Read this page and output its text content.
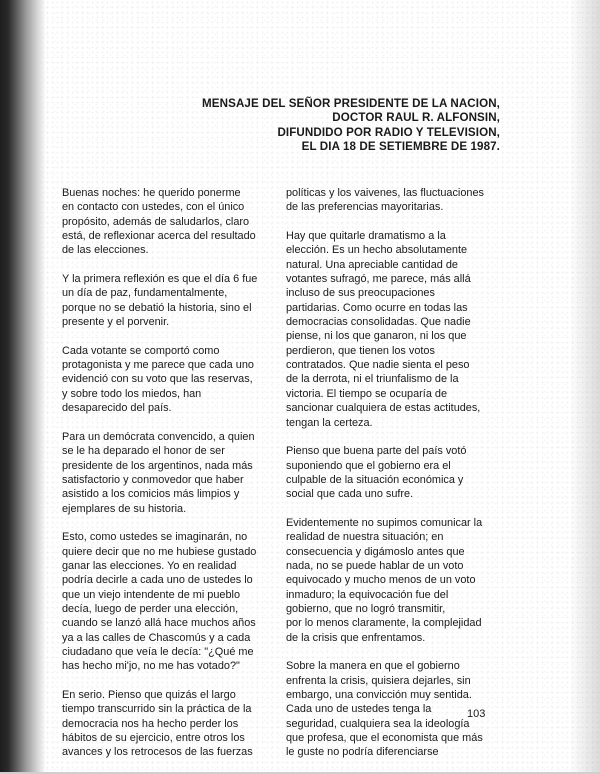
MENSAJE DEL SEÑOR PRESIDENTE DE LA NACION,
DOCTOR RAUL R. ALFONSIN,
DIFUNDIDO POR RADIO Y TELEVISION,
EL DIA 18 DE SETIEMBRE DE 1987.

Buenas noches: he querido ponerme
en contacto con ustedes, con el único
propósito, además de saludarlos, claro
está, de reflexionar acerca del resultado
de las elecciones.

Y la primera reflexión es que el día 6 fue
un día de paz, fundamentalmente,
porque no se debatió la historia, sino el
presente y el porvenir.

Cada votante se comportó como
protagonista y me parece que cada uno
evidenció con su voto que las reservas,
y sobre todo los miedos, han
desaparecido del país.

Para un demócrata convencido, a quien
se le ha deparado el honor de ser
presidente de los argentinos, nada más
satisfactorio y conmovedor que haber
asistido a los comicios más limpios y
ejemplares de su historia.

Esto, como ustedes se imaginarán, no
quiere decir que no me hubiese gustado
ganar las elecciones. Yo en realidad
podría decirle a cada uno de ustedes lo
que un viejo intendente de mi pueblo
decía, luego de perder una elección,
cuando se lanzó allá hace muchos años
ya a las calles de Chascomús y a cada
ciudadano que veía le decía: "¿Qué me
has hecho mi'jo, no me has votado?"

En serio. Pienso que quizás el largo
tiempo transcurrido sin la práctica de la
democracia nos ha hecho perder los
hábitos de su ejercicio, entre otros los
avances y los retrocesos de las fuerzas

políticas y los vaivenes, las fluctuaciones
de las preferencias mayoritarias.

Hay que quitarle dramatismo a la
elección. Es un hecho absolutamente
natural. Una apreciable cantidad de
votantes sufragó, me parece, más allá
incluso de sus preocupaciones
partidarias. Como ocurre en todas las
democracias consolidadas. Que nadie
piense, ni los que ganaron, ni los que
perdieron, que tienen los votos
contratados. Que nadie sienta el peso
de la derrota, ni el triunfalismo de la
victoria. El tiempo se ocuparía de
sancionar cualquiera de estas actitudes,
tengan la certeza.

Pienso que buena parte del país votó
suponiendo que el gobierno era el
culpable de la situación económica y
social que cada uno sufre.

Evidentemente no supimos comunicar la
realidad de nuestra situación; en
consecuencia y digámoslo antes que
nada, no se puede hablar de un voto
equivocado y mucho menos de un voto
inmaduro; la equivocación fue del
gobierno, que no logró transmitir,
por lo menos claramente, la complejidad
de la crisis que enfrentamos.

Sobre la manera en que el gobierno
enfrenta la crisis, quisiera dejarles, sin
embargo, una convicción muy sentida.
Cada uno de ustedes tenga la
seguridad, cualquiera sea la ideología
que profesa, que el economista que más
le guste no podría diferenciarse

103
